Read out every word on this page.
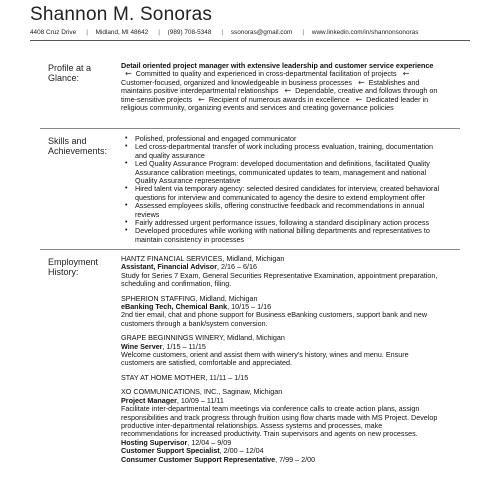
Shannon M. Sonoras
4408 Cruz Drive | Midland, MI 48642 | (989) 708-5348 | ssonoras@gmail.com | www.linkedin.com/in/shannonsonoras
Profile at a Glance:
Detail oriented project manager with extensive leadership and customer service experience ⇜ Committed to quality and experienced in cross-departmental facilitation of projects ⇜Customer-focused, organized and knowledgeable in business processes ⇜ Establishes and maintains positive interdepartmental relationships ⇜ Dependable, creative and follows through on time-sensitive projects ⇜ Recipient of numerous awards in excellence ⇜ Dedicated leader in religious community, organizing events and services and creating governance policies
Skills and Achievements:
• Polished, professional and engaged communicator
• Led cross-departmental transfer of work including process evaluation, training, documentation and quality assurance
• Led Quality Assurance Program: developed documentation and definitions, facilitated Quality Assurance calibration meetings, communicated updates to team, management and national Quality Assurance representative
• Hired talent via temporary agency: selected desired candidates for interview, created behavioral questions for interview and communicated to agency the desire to extend employment offer
• Assessed employees skills, offering constructive feedback and recommendations in annual reviews
• Fairly addressed urgent performance issues, following a standard disciplinary action process
• Developed procedures while working with national billing departments and representatives to maintain consistency in processes
Employment History:
HANTZ FINANCIAL SERVICES, Midland, Michigan
Assistant, Financial Advisor, 2/16 – 6/16
Study for Series 7 Exam, General Securities Representative Examination, appointment preparation, scheduling and confirmation, filing.
SPHERION STAFFING, Midland, Michigan
eBanking Tech, Chemical Bank, 10/15 – 1/16
2nd tier email, chat and phone support for Business eBanking customers, support bank and new customers through a bank/system conversion.
GRAPE BEGINNINGS WINERY, Midland, Michigan
Wine Server, 1/15 – 11/15
Welcome customers, orient and assist them with winery’s history, wines and menu. Ensure customers are satisfied, comfortable and appreciated.
STAY AT HOME MOTHER, 11/11 – 1/15
XO COMMUNICATIONS, INC., Saginaw, Michigan
Project Manager, 10/09 – 11/11
Facilitate inter-departmental team meetings via conference calls to create action plans, assign responsibilities and track progress through fruition using flow charts made with MS Project. Develop productive inter-departmental relationships. Assess systems and processes, make recommendations for increased productivity. Train supervisors and agents on new processes.
Hosting Supervisor, 12/04 – 9/09
Customer Support Specialist, 2/00 – 12/04
Consumer Customer Support Representative, 7/99 – 2/00
